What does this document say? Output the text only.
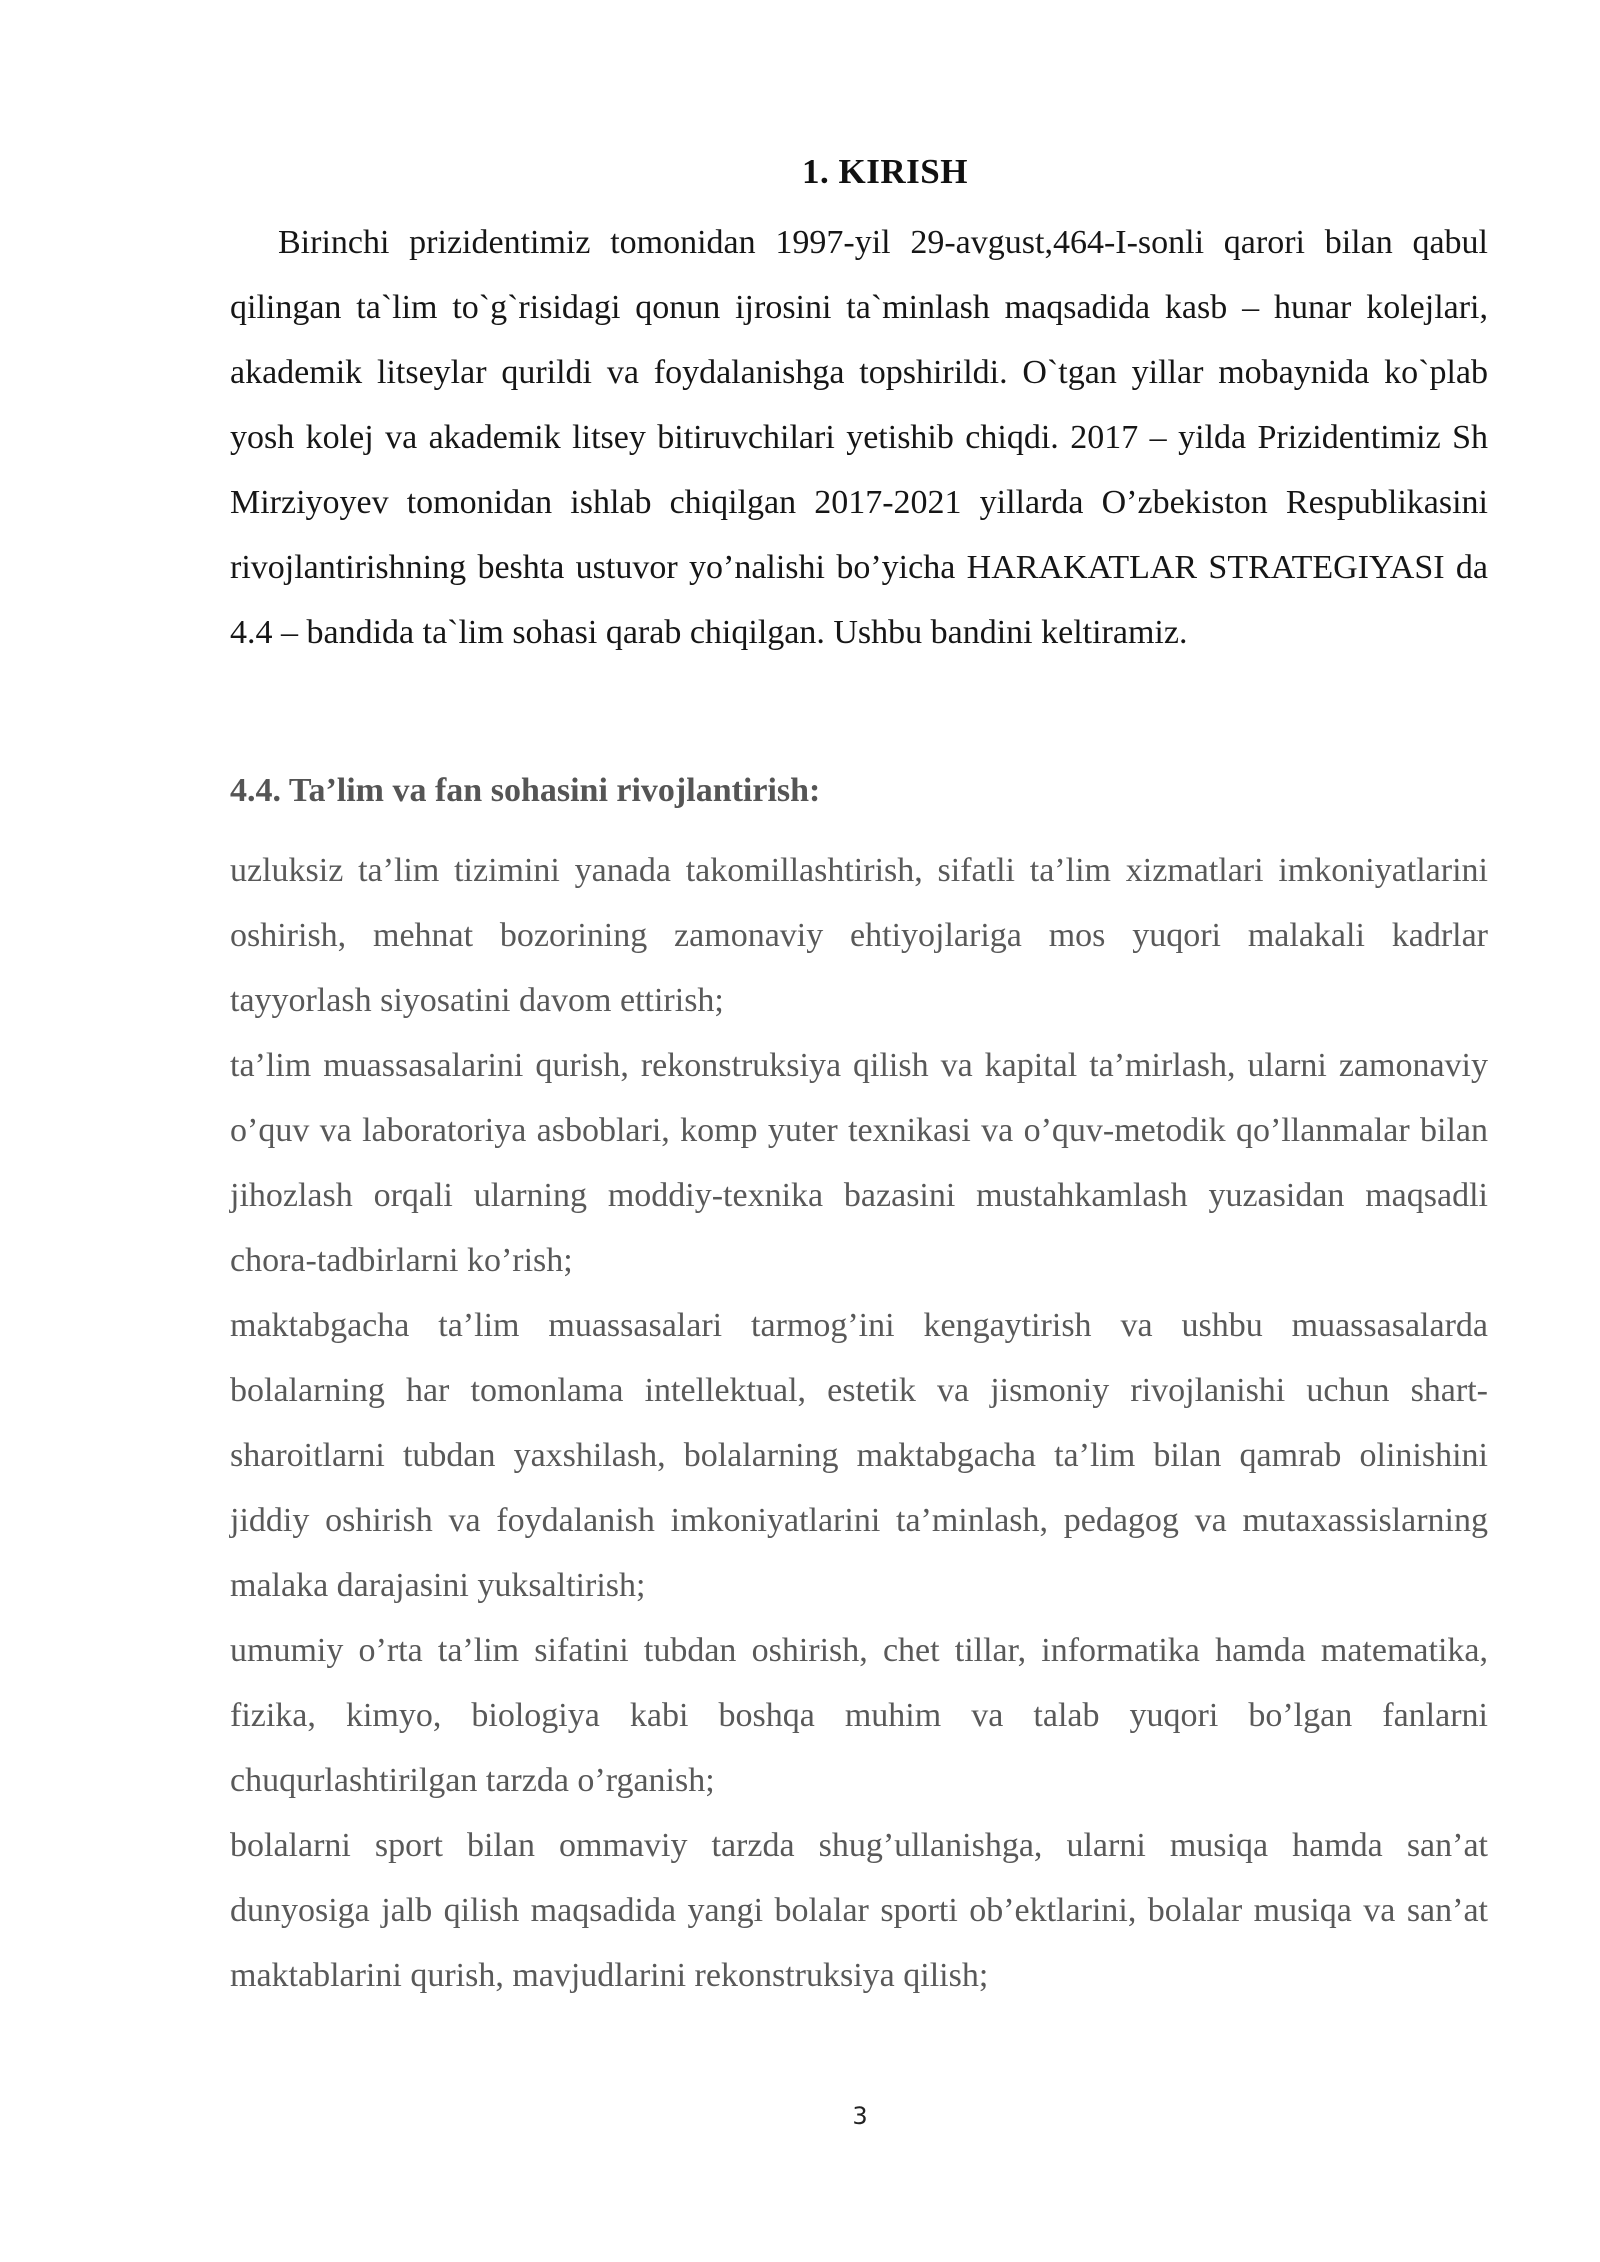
1. KIRISH

Birinchi prizidentimiz tomonidan 1997-yil 29-avgust,464-I-sonli qarori bilan qabul qilingan ta`lim to`g`risidagi qonun ijrosini ta`minlash maqsadida kasb – hunar kolejlari, akademik litseylar qurildi va foydalanishga topshirildi. O`tgan yillar mobaynida ko`plab yosh kolej va akademik litsey bitiruvchilari yetishib chiqdi. 2017 – yilda Prizidentimiz Sh Mirziyoyev tomonidan ishlab chiqilgan 2017-2021 yillarda O’zbekiston Respublikasini rivojlantirishning beshta ustuvor yo’nalishi bo’yicha HARAKATLAR STRATEGIYASI da 4.4 – bandida ta`lim sohasi qarab chiqilgan. Ushbu bandini keltiramiz.

4.4. Ta’lim va fan sohasini rivojlantirish:

uzluksiz ta’lim tizimini yanada takomillashtirish, sifatli ta’lim xizmatlari imkoniyatlarini oshirish, mehnat bozorining zamonaviy ehtiyojlariga mos yuqori malakali kadrlar tayyorlash siyosatini davom ettirish;

ta’lim muassasalarini qurish, rekonstruksiya qilish va kapital ta’mirlash, ularni zamonaviy o’quv va laboratoriya asboblari, komp yuter texnikasi va o’quv-metodik qo’llanmalar bilan jihozlash orqali ularning moddiy-texnika bazasini mustahkamlash yuzasidan maqsadli chora-tadbirlarni ko’rish;

maktabgacha ta’lim muassasalari tarmog’ini kengaytirish va ushbu muassasalarda bolalarning har tomonlama intellektual, estetik va jismoniy rivojlanishi uchun shart-sharoitlarni tubdan yaxshilash, bolalarning maktabgacha ta’lim bilan qamrab olinishini jiddiy oshirish va foydalanish imkoniyatlarini ta’minlash, pedagog va mutaxassislarning malaka darajasini yuksaltirish;

umumiy o’rta ta’lim sifatini tubdan oshirish, chet tillar, informatika hamda matematika, fizika, kimyo, biologiya kabi boshqa muhim va talab yuqori bo’lgan fanlarni chuqurlashtirilgan tarzda o’rganish;

bolalarni sport bilan ommaviy tarzda shug’ullanishga, ularni musiqa hamda san’at dunyosiga jalb qilish maqsadida yangi bolalar sporti ob’ektlarini, bolalar musiqa va san’at maktablarini qurish, mavjudlarini rekonstruksiya qilish;

3
